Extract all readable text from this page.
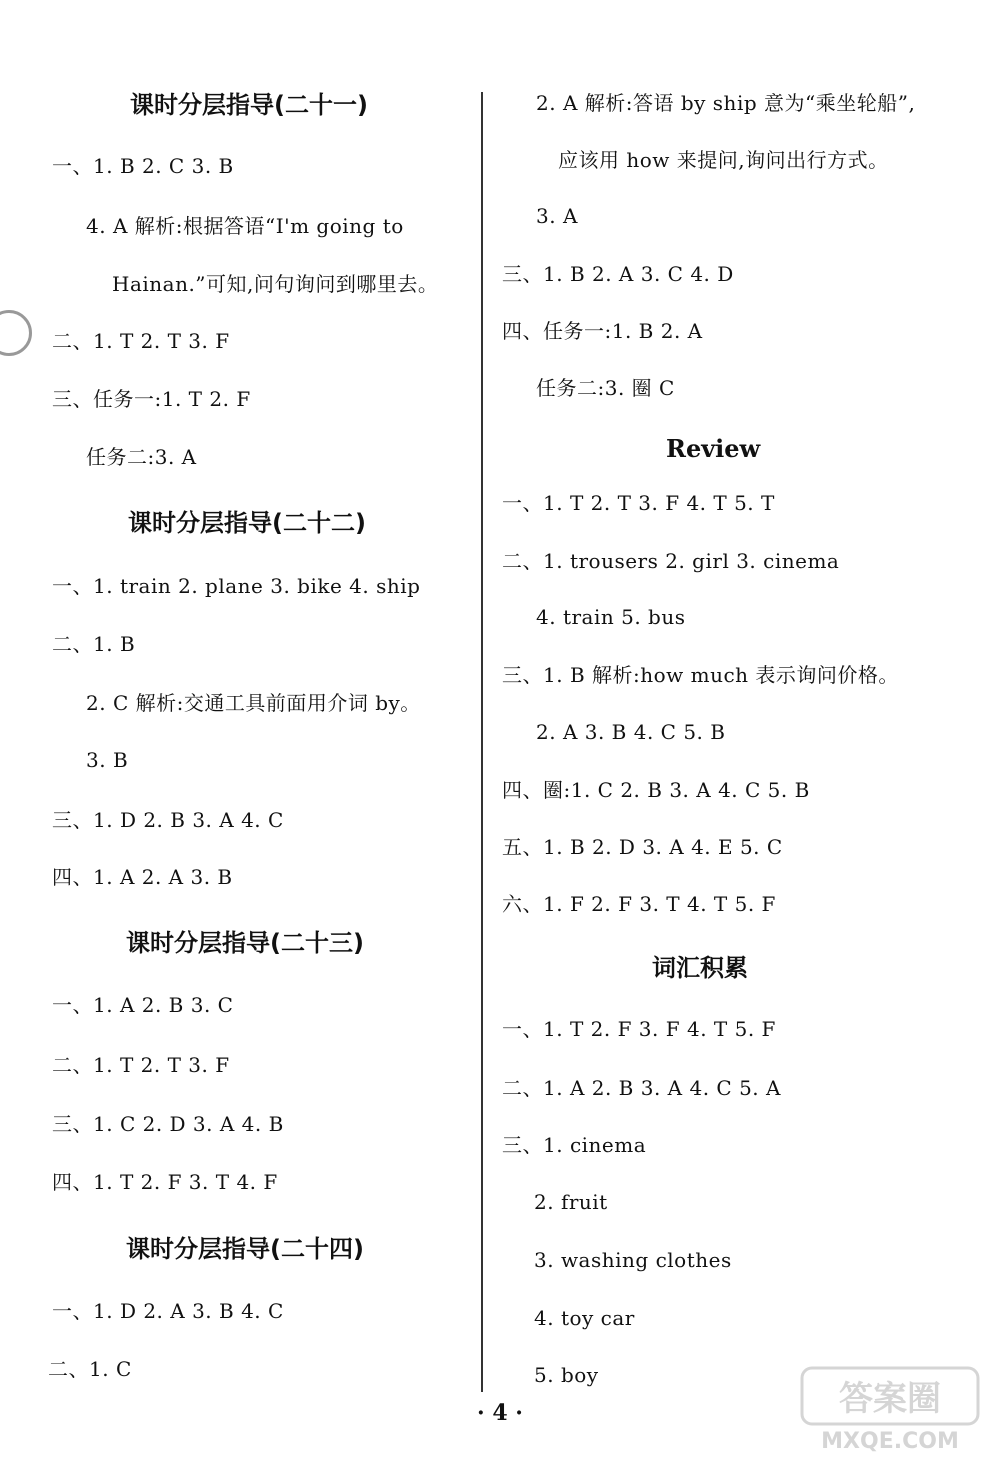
课时分层指导(二十一)
一、1. B 2. C 3. B
4. A 解析:根据答语“I'm going to
Hainan.”可知,问句询问到哪里去。
二、1. T 2. T 3. F
三、任务一:1. T 2. F
任务二:3. A
课时分层指导(二十二)
一、1. train 2. plane 3. bike 4. ship
二、1. B
2. C 解析:交通工具前面用介词 by。
3. B
三、1. D 2. B 3. A 4. C
四、1. A 2. A 3. B
课时分层指导(二十三)
一、1. A 2. B 3. C
二、1. T 2. T 3. F
三、1. C 2. D 3. A 4. B
四、1. T 2. F 3. T 4. F
课时分层指导(二十四)
一、1. D 2. A 3. B 4. C
二、1. C
2. A 解析:答语 by ship 意为“乘坐轮船”,
应该用 how 来提问,询问出行方式。
3. A
三、1. B 2. A 3. C 4. D
四、任务一:1. B 2. A
任务二:3. 圈 C
Review
一、1. T 2. T 3. F 4. T 5. T
二、1. trousers 2. girl 3. cinema
4. train 5. bus
三、1. B 解析:how much 表示询问价格。
2. A 3. B 4. C 5. B
四、圈:1. C 2. B 3. A 4. C 5. B
五、1. B 2. D 3. A 4. E 5. C
六、1. F 2. F 3. T 4. T 5. F
词汇积累
一、1. T 2. F 3. F 4. T 5. F
二、1. A 2. B 3. A 4. C 5. A
三、1. cinema
2. fruit
3. washing clothes
4. toy car
5. boy
· 4 ·	答案圈
MXQE.COM
